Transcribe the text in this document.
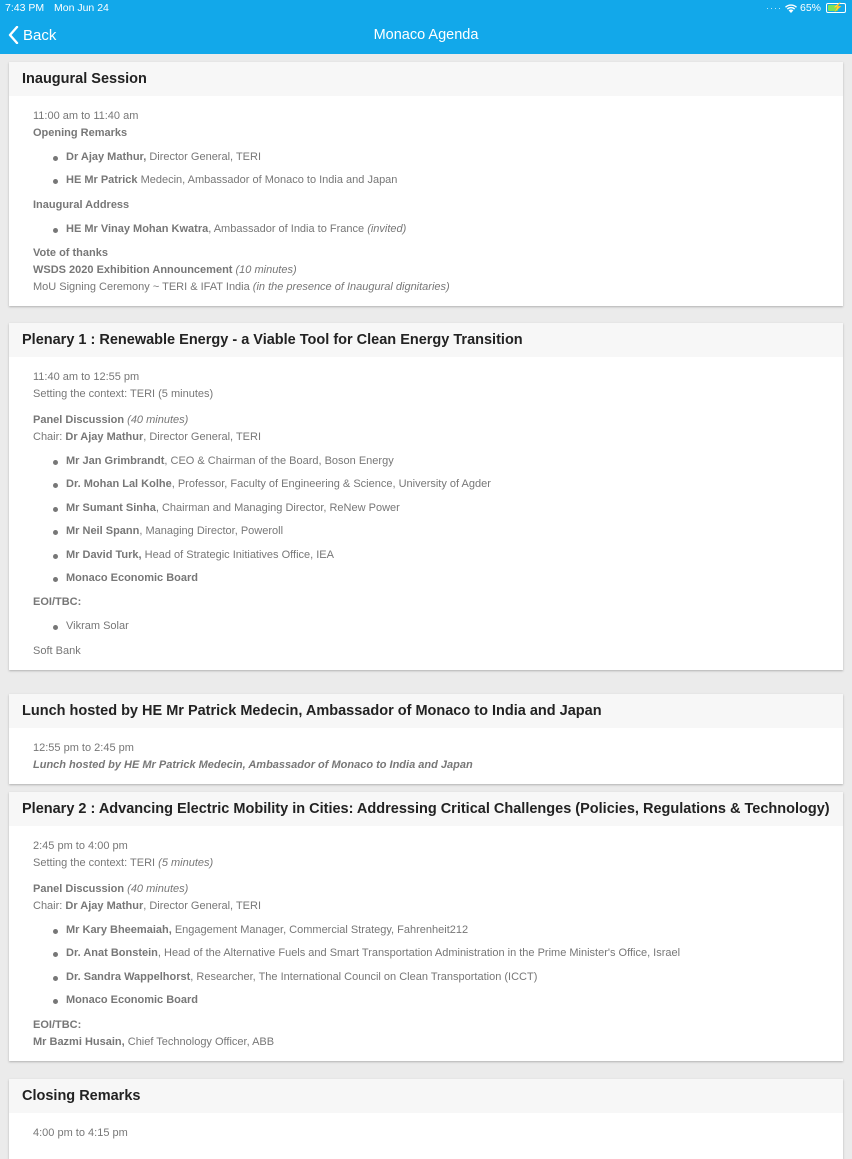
7:43 PM Mon Jun 24	···· 65% ⚡
Back	Monaco Agenda
Inaugural Session
11:00 am to 11:40 am
Opening Remarks
Dr Ajay Mathur, Director General, TERI
HE Mr Patrick Medecin, Ambassador of Monaco to India and Japan
Inaugural Address
HE Mr Vinay Mohan Kwatra, Ambassador of India to France (invited)
Vote of thanks
WSDS 2020 Exhibition Announcement (10 minutes)
MoU Signing Ceremony ~ TERI & IFAT India (in the presence of Inaugural dignitaries)
Plenary 1 : Renewable Energy - a Viable Tool for Clean Energy Transition
11:40 am to 12:55 pm
Setting the context: TERI (5 minutes)
Panel Discussion (40 minutes)
Chair: Dr Ajay Mathur, Director General, TERI
Mr Jan Grimbrandt, CEO & Chairman of the Board, Boson Energy
Dr. Mohan Lal Kolhe, Professor, Faculty of Engineering & Science, University of Agder
Mr Sumant Sinha, Chairman and Managing Director, ReNew Power
Mr Neil Spann, Managing Director, Poweroll
Mr David Turk, Head of Strategic Initiatives Office, IEA
Monaco Economic Board
EOI/TBC:
Vikram Solar
Soft Bank
Lunch hosted by HE Mr Patrick Medecin, Ambassador of Monaco to India and Japan
12:55 pm to 2:45 pm
Lunch hosted by HE Mr Patrick Medecin, Ambassador of Monaco to India and Japan
Plenary 2 : Advancing Electric Mobility in Cities: Addressing Critical Challenges (Policies, Regulations & Technology)
2:45 pm to 4:00 pm
Setting the context: TERI (5 minutes)
Panel Discussion (40 minutes)
Chair: Dr Ajay Mathur, Director General, TERI
Mr Kary Bheemaiah, Engagement Manager, Commercial Strategy, Fahrenheit212
Dr. Anat Bonstein, Head of the Alternative Fuels and Smart Transportation Administration in the Prime Minister's Office, Israel
Dr. Sandra Wappelhorst, Researcher, The International Council on Clean Transportation (ICCT)
Monaco Economic Board
EOI/TBC:
Mr Bazmi Husain, Chief Technology Officer, ABB
Closing Remarks
4:00 pm to 4:15 pm
